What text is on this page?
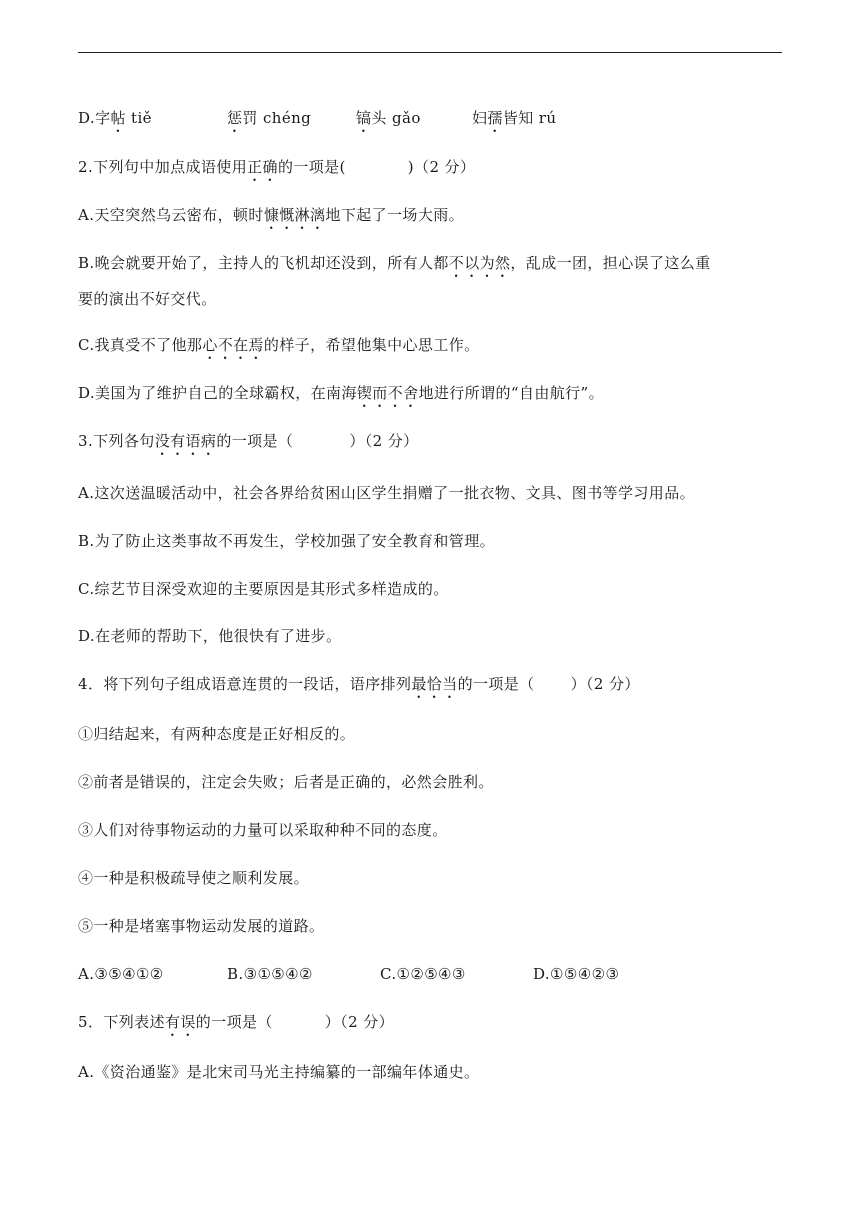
D.字帖 tiě	惩罚 chéng	镐头 gǎo	妇孺皆知 rú
2.下列句中加点成语使用正确的一项是(	)（2 分）
A.天空突然乌云密布，顿时慷慨淋漓地下起了一场大雨。
B.晚会就要开始了，主持人的飞机却还没到，所有人都不以为然，乱成一团，担心误了这么重
要的演出不好交代。
C.我真受不了他那心不在焉的样子，希望他集中心思工作。
D.美国为了维护自己的全球霸权，在南海锲而不舍地进行所谓的“自由航行”。
3.下列各句没有语病的一项是（	）（2 分）
A.这次送温暖活动中，社会各界给贫困山区学生捐赠了一批衣物、文具、图书等学习用品。
B.为了防止这类事故不再发生，学校加强了安全教育和管理。
C.综艺节目深受欢迎的主要原因是其形式多样造成的。
D.在老师的帮助下，他很快有了进步。
4．将下列句子组成语意连贯的一段话，语序排列最恰当的一项是（ ）（2 分）
①归结起来，有两种态度是正好相反的。
②前者是错误的，注定会失败；后者是正确的，必然会胜利。
③人们对待事物运动的力量可以采取种种不同的态度。
④一种是积极疏导使之顺利发展。
⑤一种是堵塞事物运动发展的道路。
A.③⑤④①②	B.③①⑤④②	C.①②⑤④③	D.①⑤④②③
5．下列表述有误的一项是（	）（2 分）
A.《资治通鉴》是北宋司马光主持编纂的一部编年体通史。
